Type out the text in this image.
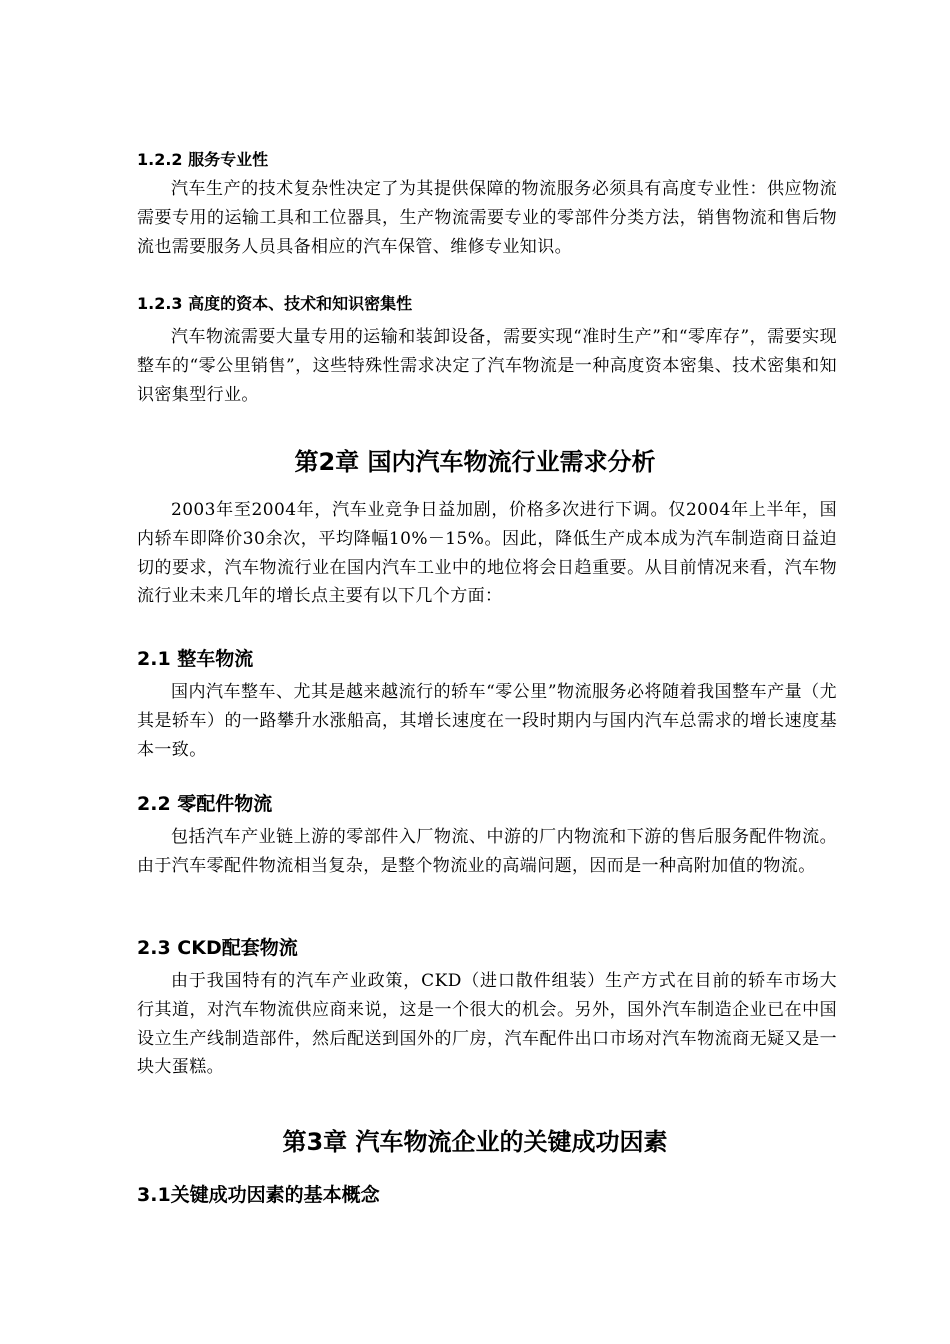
1.2.2 服务专业性
汽车生产的技术复杂性决定了为其提供保障的物流服务必须具有高度专业性：供应物流需要专用的运输工具和工位器具，生产物流需要专业的零部件分类方法，销售物流和售后物流也需要服务人员具备相应的汽车保管、维修专业知识。
1.2.3 高度的资本、技术和知识密集性
汽车物流需要大量专用的运输和装卸设备，需要实现“准时生产”和“零库存”，需要实现整车的“零公里销售”，这些特殊性需求决定了汽车物流是一种高度资本密集、技术密集和知识密集型行业。
第2章 国内汽车物流行业需求分析
2003年至2004年，汽车业竞争日益加剧，价格多次进行下调。仅2004年上半年，国内轿车即降价30余次，平均降幅10%－15%。因此，降低生产成本成为汽车制造商日益迫切的要求，汽车物流行业在国内汽车工业中的地位将会日趋重要。从目前情况来看，汽车物流行业未来几年的增长点主要有以下几个方面：
2.1 整车物流
国内汽车整车、尤其是越来越流行的轿车“零公里”物流服务必将随着我国整车产量（尤其是轿车）的一路攀升水涨船高，其增长速度在一段时期内与国内汽车总需求的增长速度基本一致。
2.2 零配件物流
包括汽车产业链上游的零部件入厂物流、中游的厂内物流和下游的售后服务配件物流。由于汽车零配件物流相当复杂，是整个物流业的高端问题，因而是一种高附加值的物流。
2.3 CKD配套物流
由于我国特有的汽车产业政策，CKD（进口散件组装）生产方式在目前的轿车市场大行其道，对汽车物流供应商来说，这是一个很大的机会。另外，国外汽车制造企业已在中国设立生产线制造部件，然后配送到国外的厂房，汽车配件出口市场对汽车物流商无疑又是一块大蛋糕。
第3章 汽车物流企业的关键成功因素
3.1关键成功因素的基本概念
